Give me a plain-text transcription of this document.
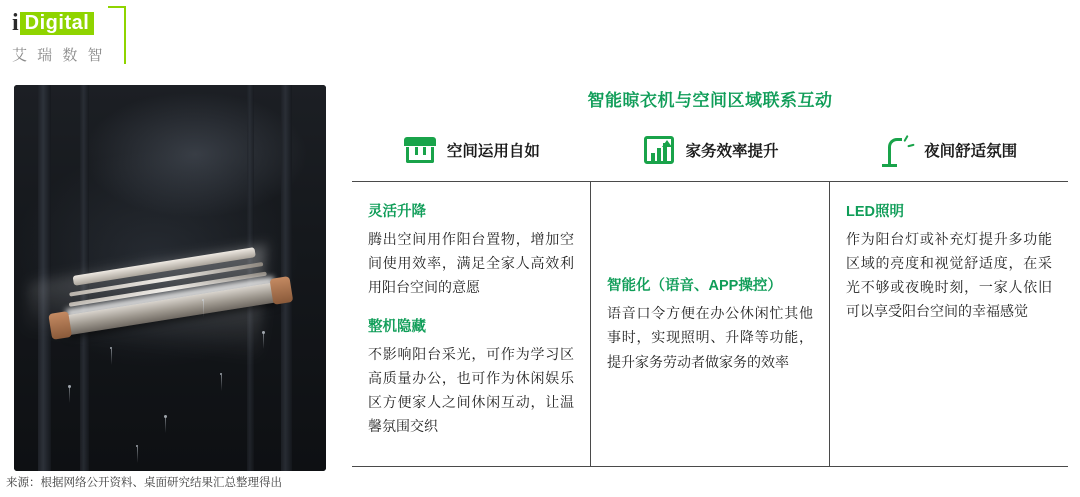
i Digital
艾 瑞 数 智
来源：根据网络公开资料、桌面研究结果汇总整理得出
智能晾衣机与空间区域联系互动
空间运用自如	家务效率提升	夜间舒适氛围
灵活升降
腾出空间用作阳台置物，增加空间使用效率，满足全家人高效利用阳台空间的意愿
整机隐藏
不影响阳台采光，可作为学习区高质量办公，也可作为休闲娱乐区方便家人之间休闲互动，让温馨氛围交织
智能化（语音、APP操控）
语音口令方便在办公休闲忙其他事时，实现照明、升降等功能，提升家务劳动者做家务的效率
LED照明
作为阳台灯或补充灯提升多功能区域的亮度和视觉舒适度，在采光不够或夜晚时刻，一家人依旧可以享受阳台空间的幸福感觉
